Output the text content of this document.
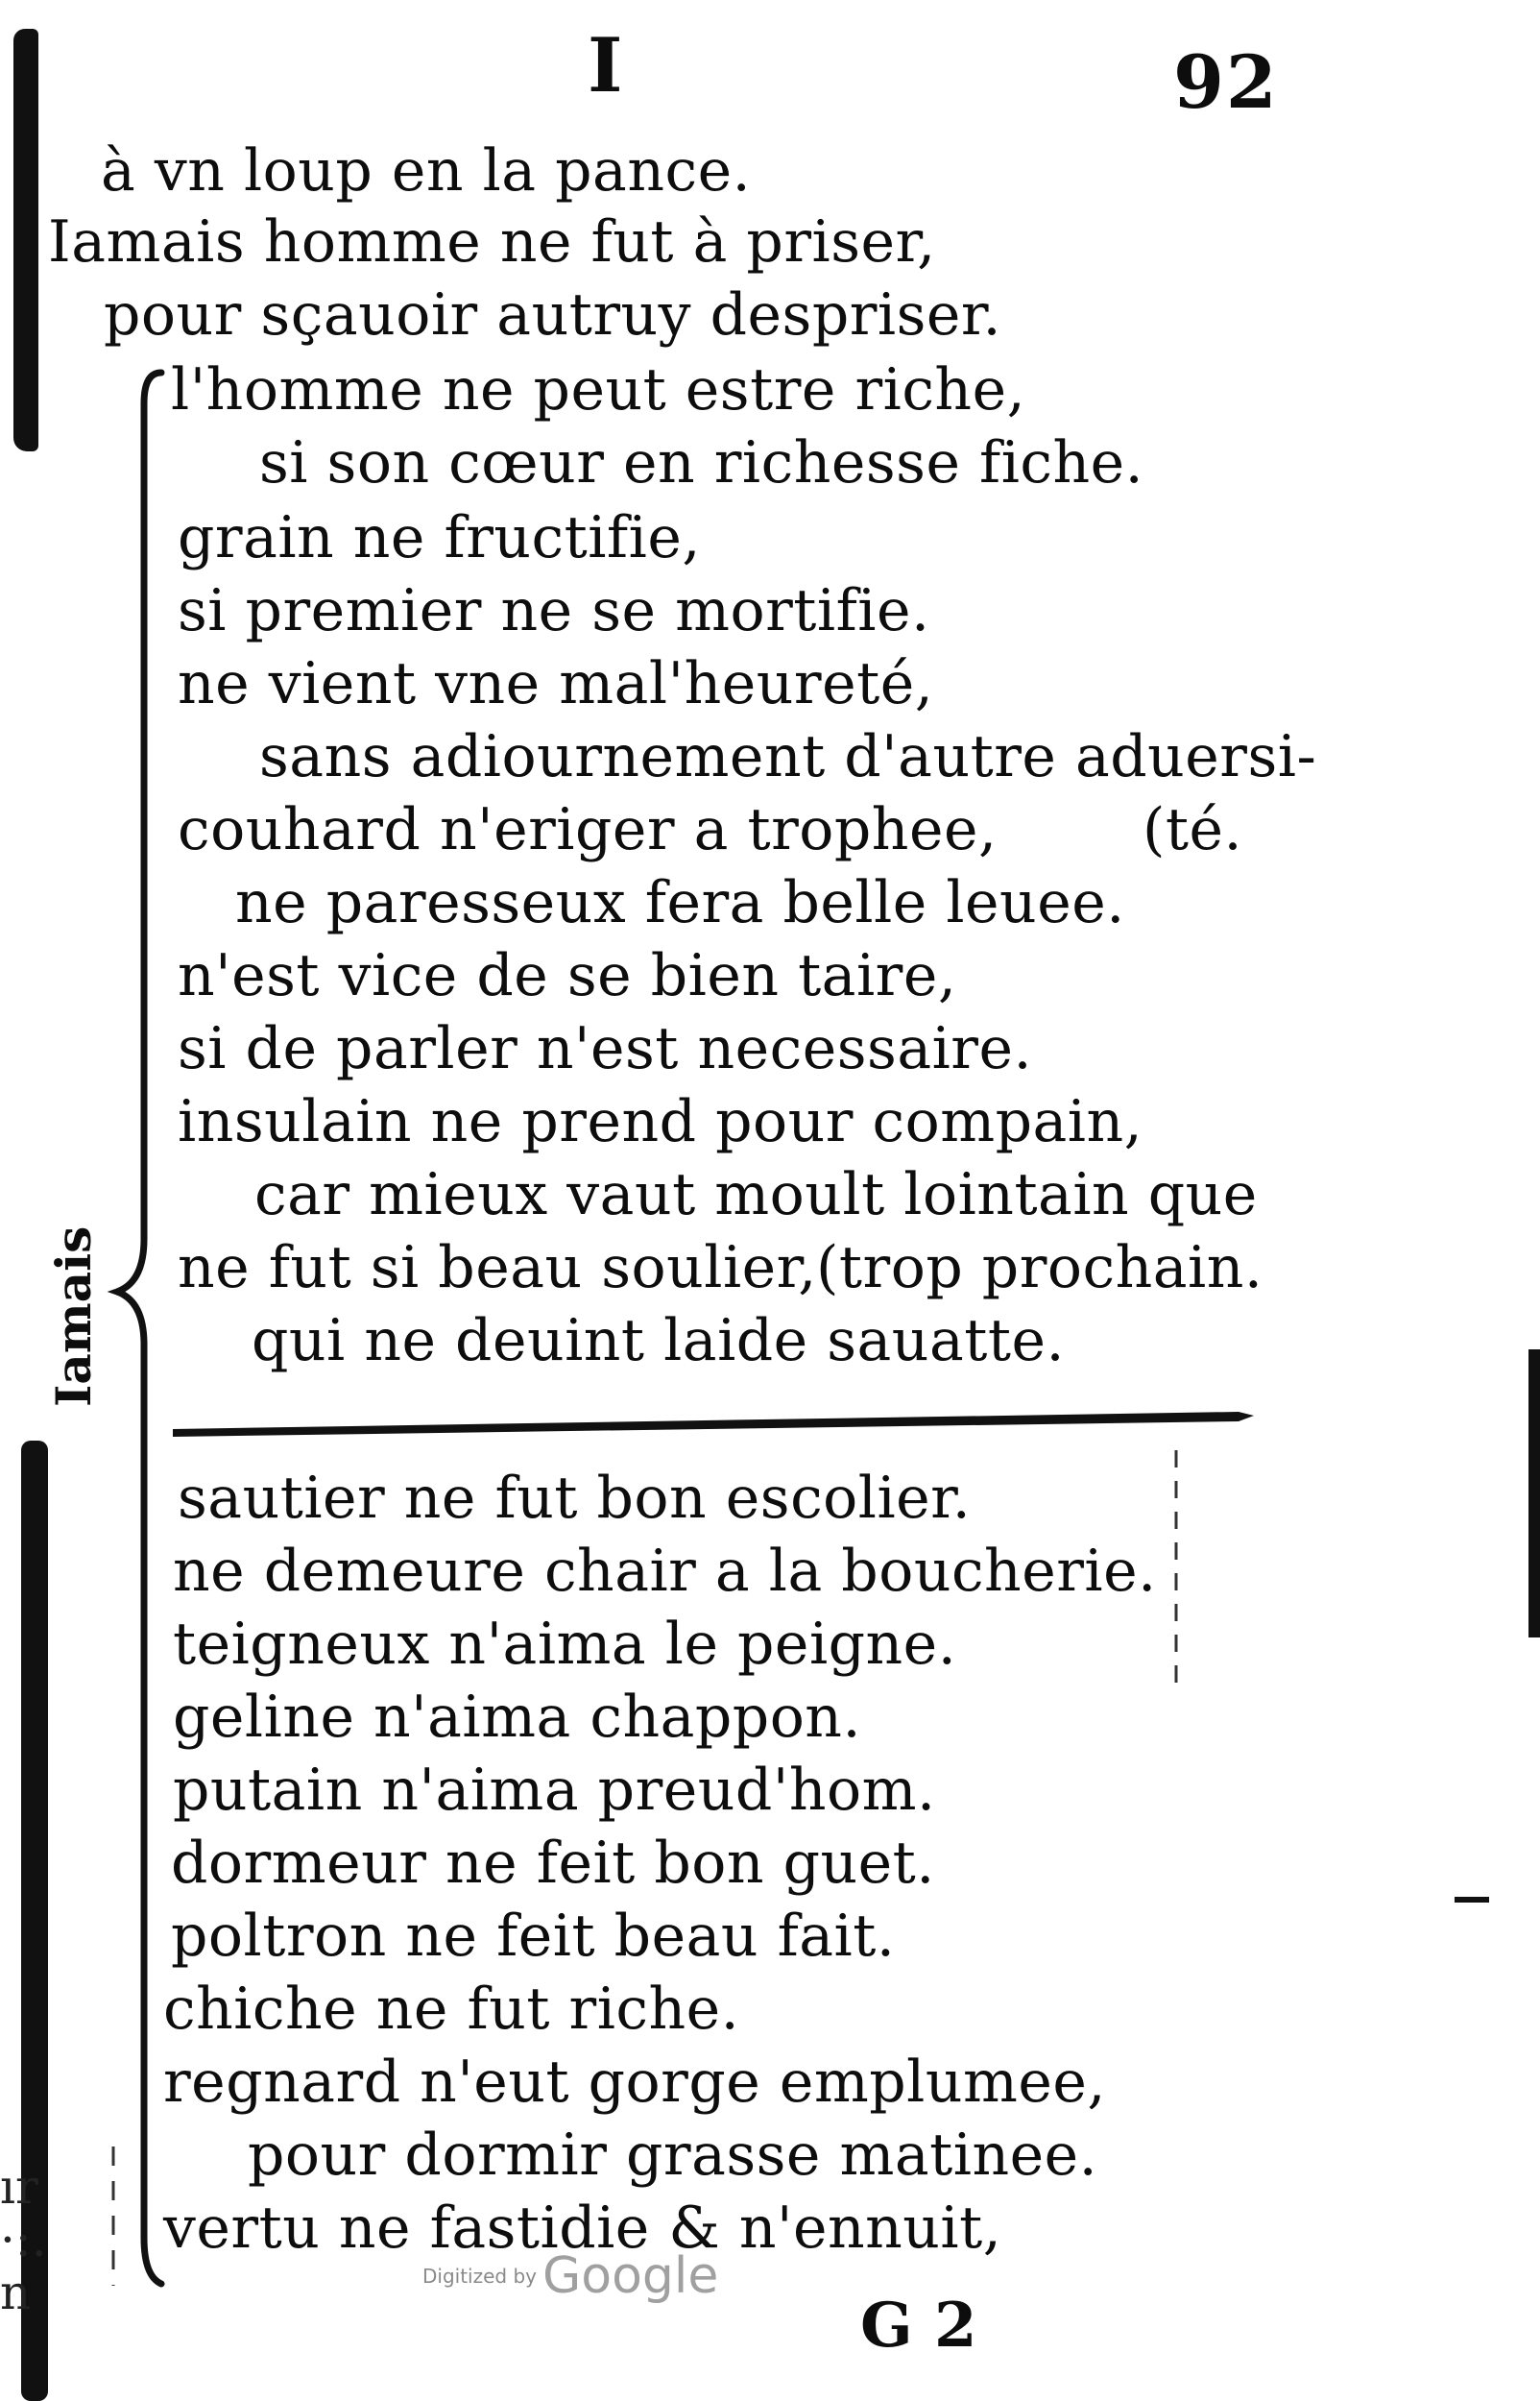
I	92
à vn loup en la pance.
Iamais homme ne fut à priser,
pour sçauoir autruy despriser.
l'homme ne peut estre riche,
si son cœur en richesse fiche.
grain ne fructifie,
si premier ne se mortifie.
ne vient vne mal'heureté,
sans adiournement d'autre aduersi-
couhard n'eriger a trophee,	(té.
ne paresseux fera belle leuee.
n'est vice de se bien taire,
si de parler n'est necessaire.
insulain ne prend pour compain,
car mieux vaut moult lointain que
ne fut si beau soulier, (trop prochain.
qui ne deuint laide sauatte.
sautier ne fut bon escolier.
ne demeure chair a la boucherie.
teigneux n'aima le peigne.
geline n'aima chappon.
putain n'aima preud'hom.
dormeur ne feit bon guet.
poltron ne feit beau fait.
chiche ne fut riche.
regnard n'eut gorge emplumee,
pour dormir grasse matinee.
vertu ne fastidie & n'ennuit,
Iamais
ır
·:.
n	Digitized by Google
G 2
